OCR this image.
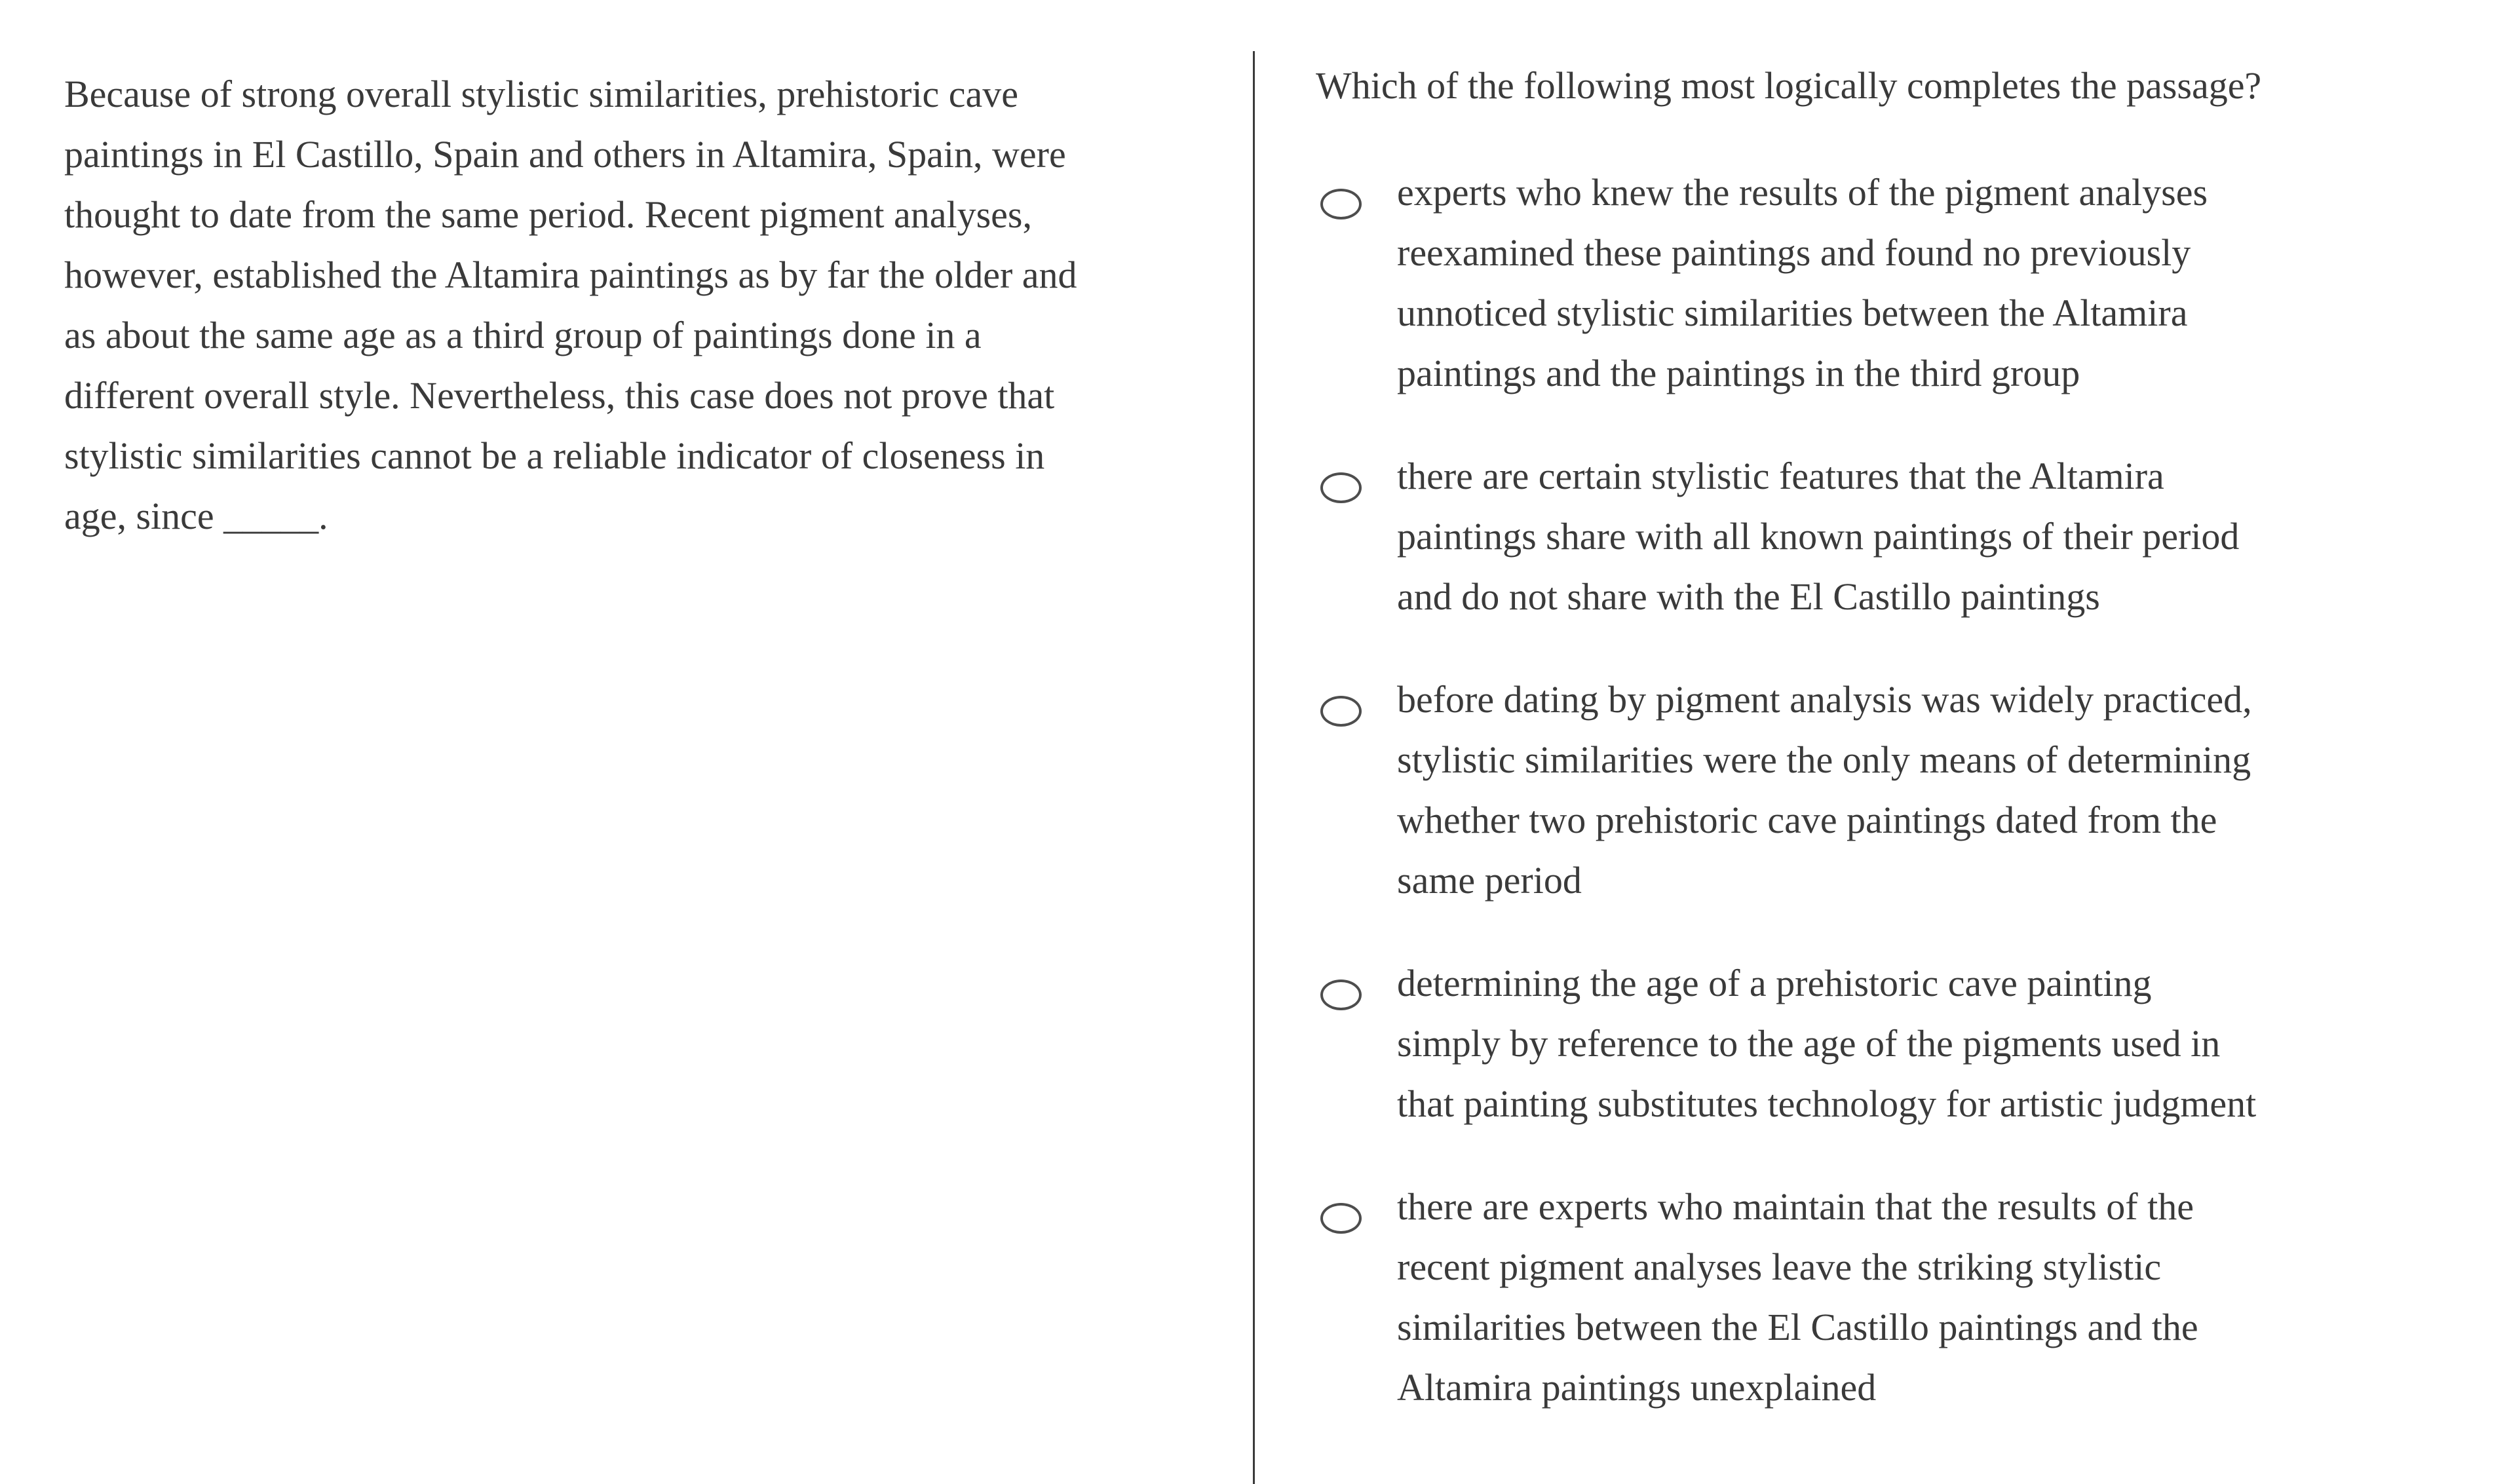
Because of strong overall stylistic similarities, prehistoric cave
paintings in El Castillo, Spain and others in Altamira, Spain, were
thought to date from the same period. Recent pigment analyses,
however, established the Altamira paintings as by far the older and
as about the same age as a third group of paintings done in a
different overall style. Nevertheless, this case does not prove that
stylistic similarities cannot be a reliable indicator of closeness in
age, since _____.
Which of the following most logically completes the passage?
experts who knew the results of the pigment analyses
reexamined these paintings and found no previously
unnoticed stylistic similarities between the Altamira
paintings and the paintings in the third group
there are certain stylistic features that the Altamira
paintings share with all known paintings of their period
and do not share with the El Castillo paintings
before dating by pigment analysis was widely practiced,
stylistic similarities were the only means of determining
whether two prehistoric cave paintings dated from the
same period
determining the age of a prehistoric cave painting
simply by reference to the age of the pigments used in
that painting substitutes technology for artistic judgment
there are experts who maintain that the results of the
recent pigment analyses leave the striking stylistic
similarities between the El Castillo paintings and the
Altamira paintings unexplained
